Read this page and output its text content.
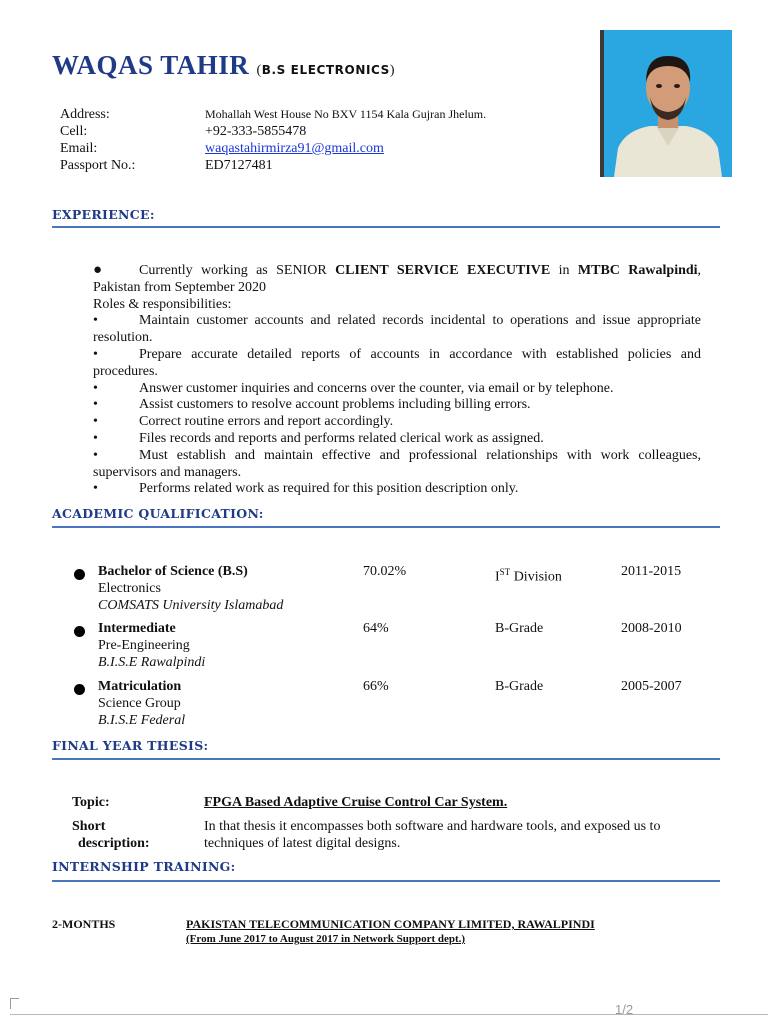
WAQAS TAHIR (B.S ELECTRONICS)
Address:	Mohallah West House No BXV 1154 Kala Gujran Jhelum.
Cell:	+92-333-5855478
Email:	waqastahirmirza91@gmail.com
Passport No.:	ED7127481
EXPERIENCE:

●	Currently working as SENIOR CLIENT SERVICE EXECUTIVE in MTBC Rawalpindi, Pakistan from September 2020

Roles & responsibilities:

•	Maintain customer accounts and related records incidental to operations and issue appropriate resolution.

•	Prepare accurate detailed reports of accounts in accordance with established policies and procedures.

•	Answer customer inquiries and concerns over the counter, via email or by telephone.

•	Assist customers to resolve account problems including billing errors.

•	Correct routine errors and report accordingly.

•	Files records and reports and performs related clerical work as assigned.

•	Must establish and maintain effective and professional relationships with work colleagues, supervisors and managers.

•	Performs related work as required for this position description only.

ACADEMIC QUALIFICATION:
Bachelor of Science (B.S)
Electronics
COMSATS University Islamabad
70.02%	IST Division	2011-2015
Intermediate
Pre-Engineering
B.I.S.E Rawalpindi
64%	B-Grade	2008-2010
Matriculation
Science Group
B.I.S.E Federal
66%	B-Grade	2005-2007
FINAL YEAR THESIS:
Topic:	FPGA Based Adaptive Cruise Control Car System.
Short
description:
In that thesis it encompasses both software and hardware tools, and exposed us to techniques of latest digital designs.
INTERNSHIP TRAINING:
2-MONTHS	PAKISTAN TELECOMMUNICATION COMPANY LIMITED, RAWALPINDI
(From June 2017 to August 2017 in Network Support dept.)
1/2
